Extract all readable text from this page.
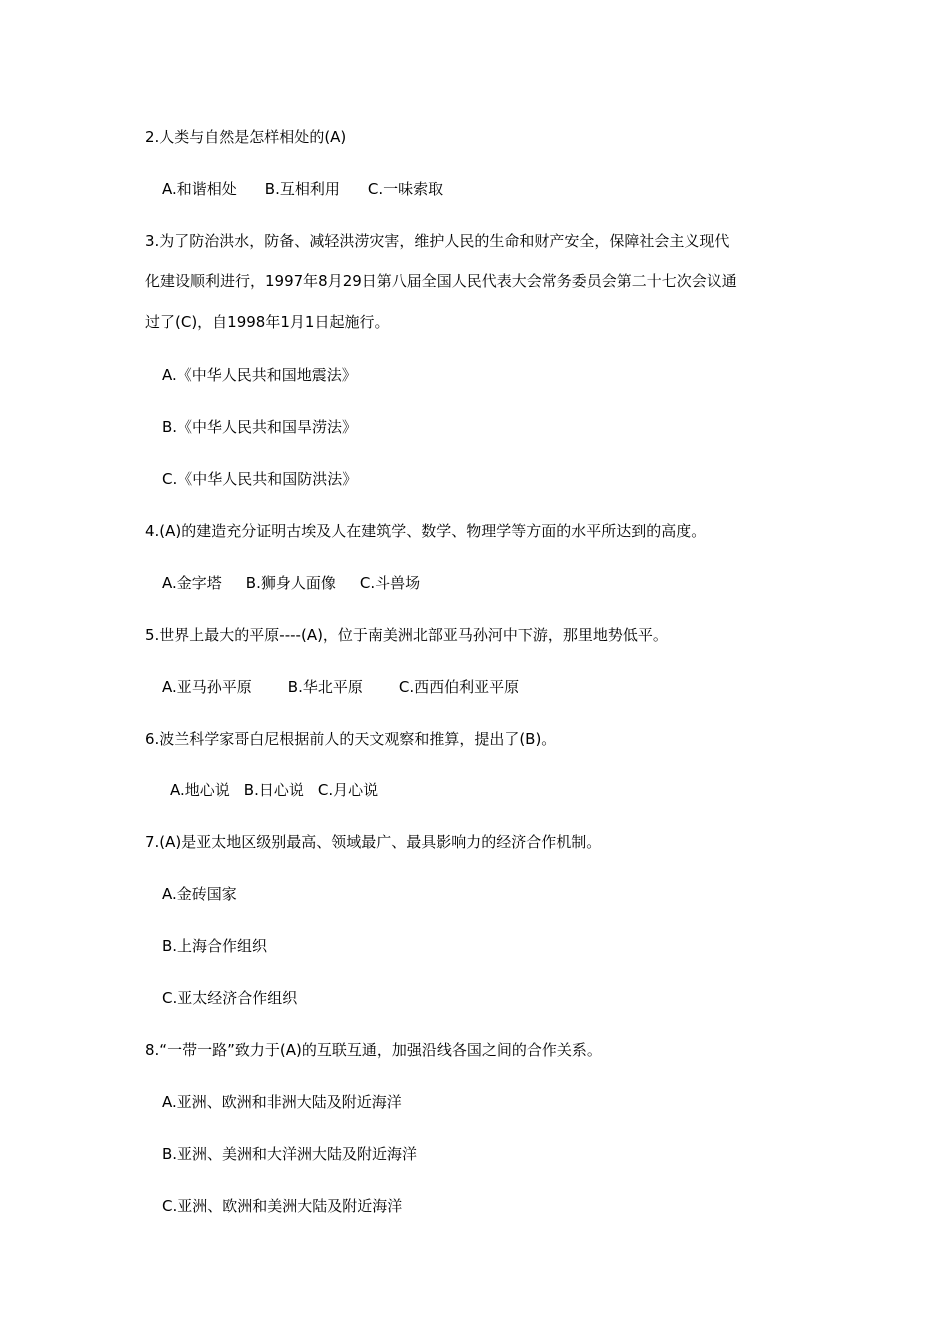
2.人类与自然是怎样相处的(A)
A.和谐相处 B.互相利用 C.一味索取
3.为了防治洪水，防备、减轻洪涝灾害，维护人民的生命和财产安全，保障社会主义现代
化建设顺利进行，1997年8月29日第八届全国人民代表大会常务委员会第二十七次会议通
过了(C)，自1998年1月1日起施行。
A.《中华人民共和国地震法》
B.《中华人民共和国旱涝法》
C.《中华人民共和国防洪法》
4.(A)的建造充分证明古埃及人在建筑学、数学、物理学等方面的水平所达到的高度。
A.金字塔 B.狮身人面像 C.斗兽场
5.世界上最大的平原----(A)，位于南美洲北部亚马孙河中下游，那里地势低平。
A.亚马孙平原 B.华北平原 C.西西伯利亚平原
6.波兰科学家哥白尼根据前人的天文观察和推算，提出了(B)。
A.地心说 B.日心说 C.月心说
7.(A)是亚太地区级别最高、领域最广、最具影响力的经济合作机制。
A.金砖国家
B.上海合作组织
C.亚太经济合作组织
8.“一带一路”致力于(A)的互联互通，加强沿线各国之间的合作关系。
A.亚洲、欧洲和非洲大陆及附近海洋
B.亚洲、美洲和大洋洲大陆及附近海洋
C.亚洲、欧洲和美洲大陆及附近海洋
